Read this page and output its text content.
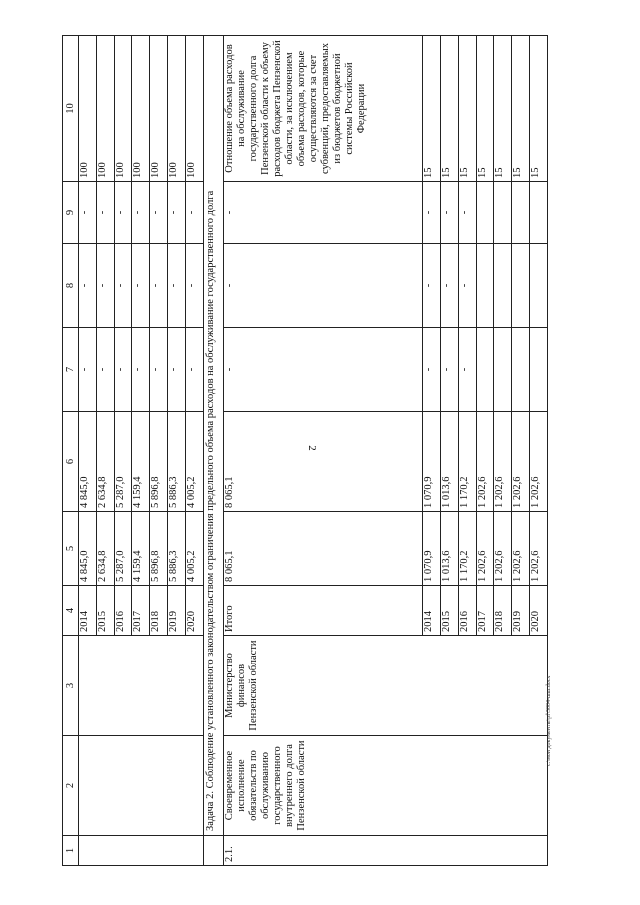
2
1	2	3	4	5	6	7	8	9	10
			2014	4 845,0	4 845,0	-	-	-	100
			2015	2 634,8	2 634,8	-	-	-	100
			2016	5 287,0	5 287,0	-	-	-	100
			2017	4 159,4	4 159,4	-	-	-	100
			2018	5 896,8	5 896,8	-	-	-	100
			2019	5 886,3	5 886,3	-	-	-	100
			2020	4 005,2	4 005,2	-	-	-	100
	Задача 2. Соблюдение установленного законодательством ограничения предельного объема расходов на обслуживание государственного долга								
2.1.	Своевременное исполнение обязательств по обслуживанию государственного внутреннего долга Пензенской области	Министерство финансов Пензенской области	Итого	8 065,1	8 065,1	-	-	-	Отношение объема расходов на обслуживание государственного долга Пензенской области к объему расходов бюджета Пензенской области, за исключением объема расходов, которые осуществляются за счет субвенций, предоставляемых из бюджетов бюджетной системы Российской Федерации
			2014	1 070,9	1 070,9	-	-	-	15
			2015	1 013,6	1 013,6	-	-	-	15
			2016	1 170,2	1 170,2	-	-	-	15
			2017	1 202,6	1 202,6				15
			2018	1 202,6	1 202,6				15
			2019	1 202,6	1 202,6				15
			2020	1 202,6	1 202,6				15
c:\мои документы\pf\5004-шш.docx
